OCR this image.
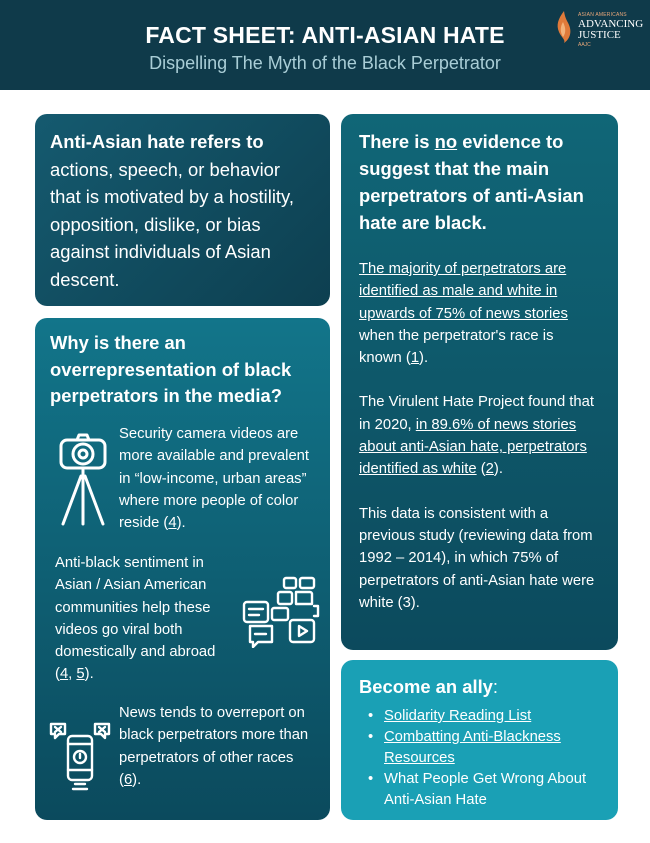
FACT SHEET: ANTI-ASIAN HATE
Dispelling The Myth of the Black Perpetrator
ASIAN AMERICANS
ADVANCING
JUSTICE
AAJC

Anti-Asian hate refers to actions, speech, or behavior that is motivated by a hostility, opposition, dislike, or bias against individuals of Asian descent.

There is no evidence to suggest that the main perpetrators of anti-Asian hate are black.
The majority of perpetrators are identified as male and white in upwards of 75% of news stories when the perpetrator's race is known (1).
The Virulent Hate Project found that in 2020, in 89.6% of news stories about anti-Asian hate, perpetrators identified as white (2).
This data is consistent with a previous study (reviewing data from 1992 – 2014), in which 75% of perpetrators of anti-Asian hate were white (3).
Why is there an overrepresentation of black perpetrators in the media?
Security camera videos are more available and prevalent in “low-income, urban areas” where more people of color reside (4).
Anti-black sentiment in Asian / Asian American communities help these videos go viral both domestically and abroad (4, 5).
News tends to overreport on black perpetrators more than perpetrators of other races (6).
Become an ally:
• Solidarity Reading List
• Combatting Anti-Blackness Resources
• What People Get Wrong About Anti-Asian Hate
